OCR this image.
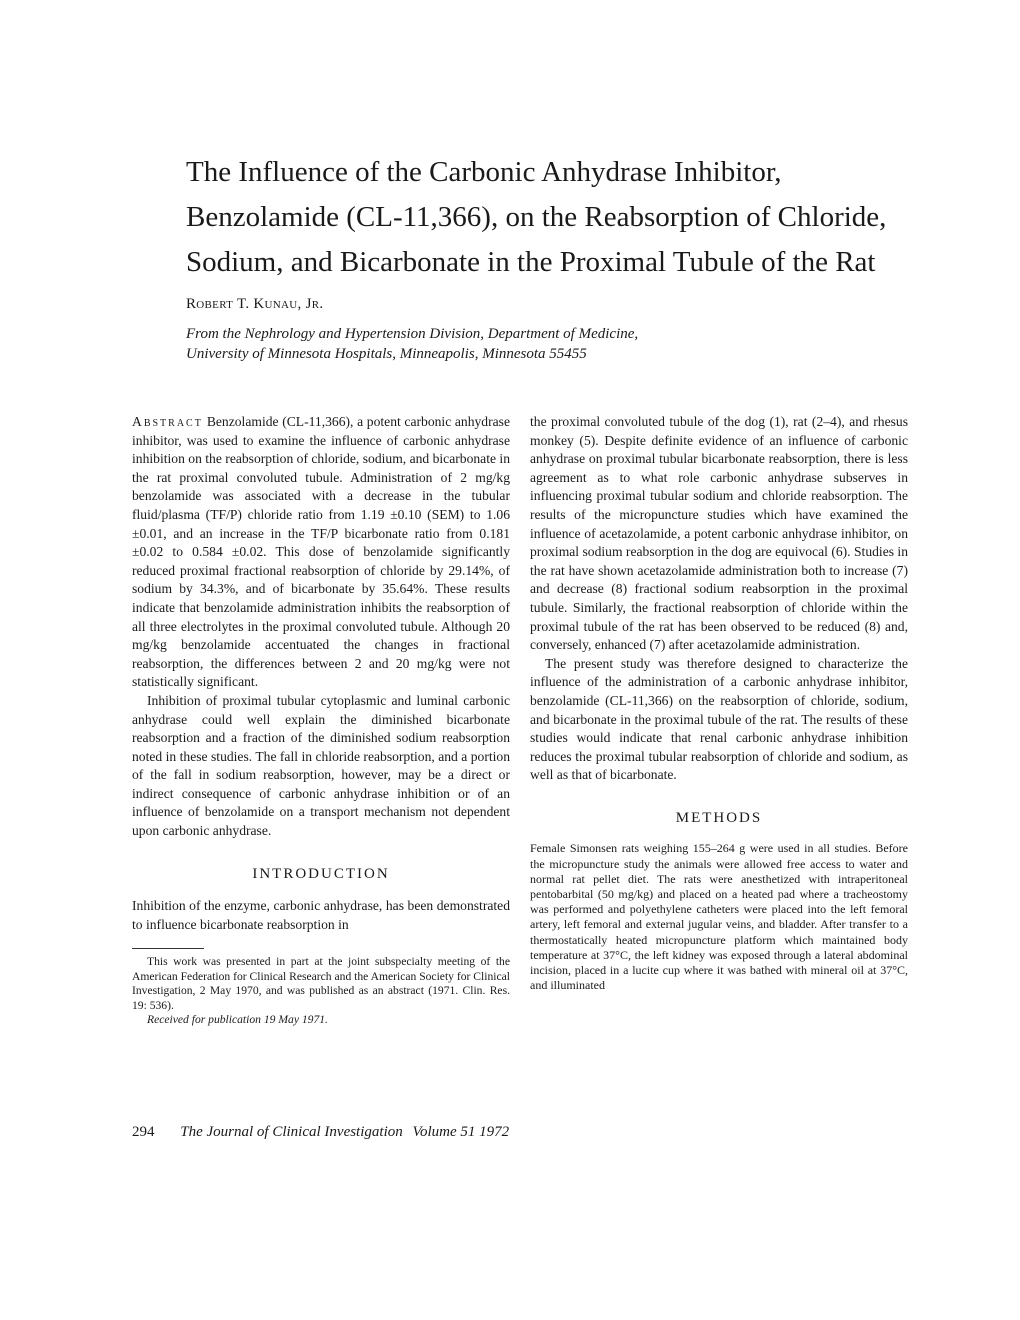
The Influence of the Carbonic Anhydrase Inhibitor,
Benzolamide (CL-11,366), on the Reabsorption of Chloride,
Sodium, and Bicarbonate in the Proximal Tubule of the Rat
Robert T. Kunau, Jr.
From the Nephrology and Hypertension Division, Department of Medicine,
University of Minnesota Hospitals, Minneapolis, Minnesota 55455

Abstract Benzolamide (CL-11,366), a potent carbonic anhydrase inhibitor, was used to examine the influence of carbonic anhydrase inhibition on the reabsorption of chloride, sodium, and bicarbonate in the rat proximal convoluted tubule. Administration of 2 mg/kg benzolamide was associated with a decrease in the tubular fluid/plasma (TF/P) chloride ratio from 1.19 ±0.10 (SEM) to 1.06 ±0.01, and an increase in the TF/P bicarbonate ratio from 0.181 ±0.02 to 0.584 ±0.02. This dose of benzolamide significantly reduced proximal fractional reabsorption of chloride by 29.14%, of sodium by 34.3%, and of bicarbonate by 35.64%. These results indicate that benzolamide administration inhibits the reabsorption of all three electrolytes in the proximal convoluted tubule. Although 20 mg/kg benzolamide accentuated the changes in fractional reabsorption, the differences between 2 and 20 mg/kg were not statistically significant.

Inhibition of proximal tubular cytoplasmic and luminal carbonic anhydrase could well explain the diminished bicarbonate reabsorption and a fraction of the diminished sodium reabsorption noted in these studies. The fall in chloride reabsorption, and a portion of the fall in sodium reabsorption, however, may be a direct or indirect consequence of carbonic anhydrase inhibition or of an influence of benzolamide on a transport mechanism not dependent upon carbonic anhydrase.

INTRODUCTION

Inhibition of the enzyme, carbonic anhydrase, has been demonstrated to influence bicarbonate reabsorption in

This work was presented in part at the joint subspecialty meeting of the American Federation for Clinical Research and the American Society for Clinical Investigation, 2 May 1970, and was published as an abstract (1971. Clin. Res. 19: 536).

Received for publication 19 May 1971.

the proximal convoluted tubule of the dog (1), rat (2–4), and rhesus monkey (5). Despite definite evidence of an influence of carbonic anhydrase on proximal tubular bicarbonate reabsorption, there is less agreement as to what role carbonic anhydrase subserves in influencing proximal tubular sodium and chloride reabsorption. The results of the micropuncture studies which have examined the influence of acetazolamide, a potent carbonic anhydrase inhibitor, on proximal sodium reabsorption in the dog are equivocal (6). Studies in the rat have shown acetazolamide administration both to increase (7) and decrease (8) fractional sodium reabsorption in the proximal tubule. Similarly, the fractional reabsorption of chloride within the proximal tubule of the rat has been observed to be reduced (8) and, conversely, enhanced (7) after acetazolamide administration.

The present study was therefore designed to characterize the influence of the administration of a carbonic anhydrase inhibitor, benzolamide (CL-11,366) on the reabsorption of chloride, sodium, and bicarbonate in the proximal tubule of the rat. The results of these studies would indicate that renal carbonic anhydrase inhibition reduces the proximal tubular reabsorption of chloride and sodium, as well as that of bicarbonate.

METHODS

Female Simonsen rats weighing 155–264 g were used in all studies. Before the micropuncture study the animals were allowed free access to water and normal rat pellet diet. The rats were anesthetized with intraperitoneal pentobarbital (50 mg/kg) and placed on a heated pad where a tracheostomy was performed and polyethylene catheters were placed into the left femoral artery, left femoral and external jugular veins, and bladder. After transfer to a thermostatically heated micropuncture platform which maintained body temperature at 37°C, the left kidney was exposed through a lateral abdominal incision, placed in a lucite cup where it was bathed with mineral oil at 37°C, and illuminated

294 The Journal of Clinical Investigation Volume 51 1972
